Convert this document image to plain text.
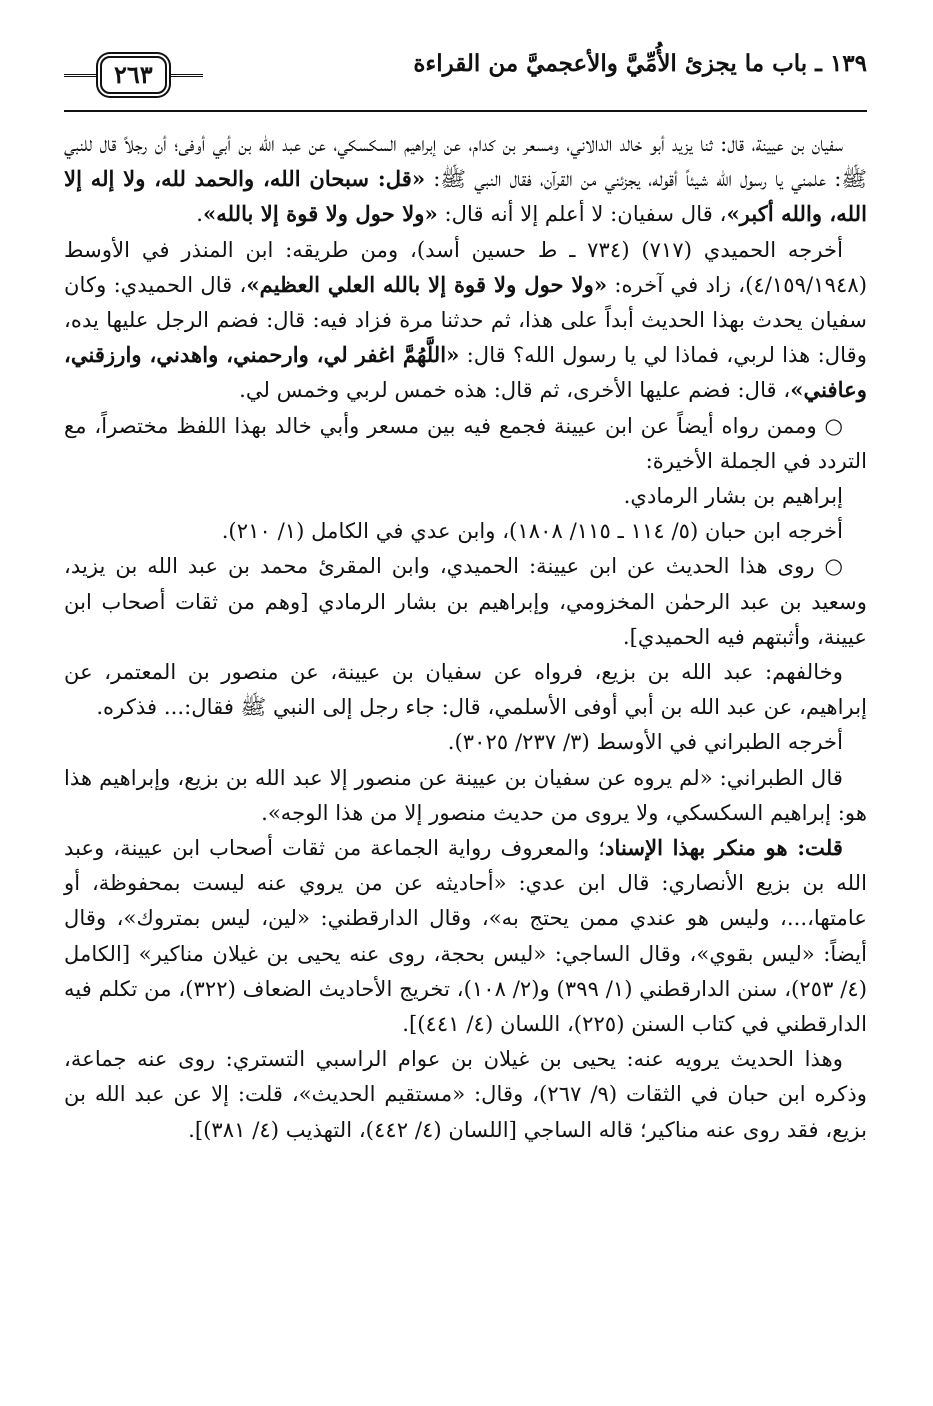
١٣٩ ـ باب ما يجزئ الأُمِّيَّ والأعجميَّ من القراءة
٢٦٣

سفيان بن عيينة، قال: ثنا يزيد أبو خالد الدالاني، ومسعر بن كدام، عن إبراهيم السكسكي، عن عبد الله بن أبي أوفى؛ أن رجلاً قال للنبي ﷺ: علمني يا رسول الله شيئاً أقوله، يجزئني من القرآن، فقال النبي ﷺ: «قل: سبحان الله، والحمد لله، ولا إله إلا الله، والله أكبر»، قال سفيان: لا أعلم إلا أنه قال: «ولا حول ولا قوة إلا بالله».

أخرجه الحميدي (٧١٧) (٧٣٤ ـ ط حسين أسد)، ومن طريقه: ابن المنذر في الأوسط (٤/١٥٩/١٩٤٨)، زاد في آخره: «ولا حول ولا قوة إلا بالله العلي العظيم»، قال الحميدي: وكان سفيان يحدث بهذا الحديث أبداً على هذا، ثم حدثنا مرة فزاد فيه: قال: فضم الرجل عليها يده، وقال: هذا لربي، فماذا لي يا رسول الله؟ قال: «اللَّهُمَّ اغفر لي، وارحمني، واهدني، وارزقني، وعافني»، قال: فضم عليها الأخرى، ثم قال: هذه خمس لربي وخمس لي.

○ وممن رواه أيضاً عن ابن عيينة فجمع فيه بين مسعر وأبي خالد بهذا اللفظ مختصراً، مع التردد في الجملة الأخيرة:

إبراهيم بن بشار الرمادي.

أخرجه ابن حبان (٥/ ١١٤ ـ ١١٥/ ١٨٠٨)، وابن عدي في الكامل (١/ ٢١٠).

○ روى هذا الحديث عن ابن عيينة: الحميدي، وابن المقرئ محمد بن عبد الله بن يزيد، وسعيد بن عبد الرحمٰن المخزومي، وإبراهيم بن بشار الرمادي [وهم من ثقات أصحاب ابن عيينة، وأثبتهم فيه الحميدي].

وخالفهم: عبد الله بن بزيع، فرواه عن سفيان بن عيينة، عن منصور بن المعتمر، عن إبراهيم، عن عبد الله بن أبي أوفى الأسلمي، قال: جاء رجل إلى النبي ﷺ فقال:... فذكره.

أخرجه الطبراني في الأوسط (٣/ ٢٣٧/ ٣٠٢٥).

قال الطبراني: «لم يروه عن سفيان بن عيينة عن منصور إلا عبد الله بن بزيع، وإبراهيم هذا هو: إبراهيم السكسكي، ولا يروى من حديث منصور إلا من هذا الوجه».

قلت: هو منكر بهذا الإسناد؛ والمعروف رواية الجماعة من ثقات أصحاب ابن عيينة، وعبد الله بن بزيع الأنصاري: قال ابن عدي: «أحاديثه عن من يروي عنه ليست بمحفوظة، أو عامتها،...، وليس هو عندي ممن يحتج به»، وقال الدارقطني: «لين، ليس بمتروك»، وقال أيضاً: «ليس بقوي»، وقال الساجي: «ليس بحجة، روى عنه يحيى بن غيلان مناكير» [الكامل (٤/ ٢٥٣)، سنن الدارقطني (١/ ٣٩٩) و(٢/ ١٠٨)، تخريج الأحاديث الضعاف (٣٢٢)، من تكلم فيه الدارقطني في كتاب السنن (٢٢٥)، اللسان (٤/ ٤٤١)].

وهذا الحديث يرويه عنه: يحيى بن غيلان بن عوام الراسبي التستري: روى عنه جماعة، وذكره ابن حبان في الثقات (٩/ ٢٦٧)، وقال: «مستقيم الحديث»، قلت: إلا عن عبد الله بن بزيع، فقد روى عنه مناكير؛ قاله الساجي [اللسان (٤/ ٤٤٢)، التهذيب (٤/ ٣٨١)].
